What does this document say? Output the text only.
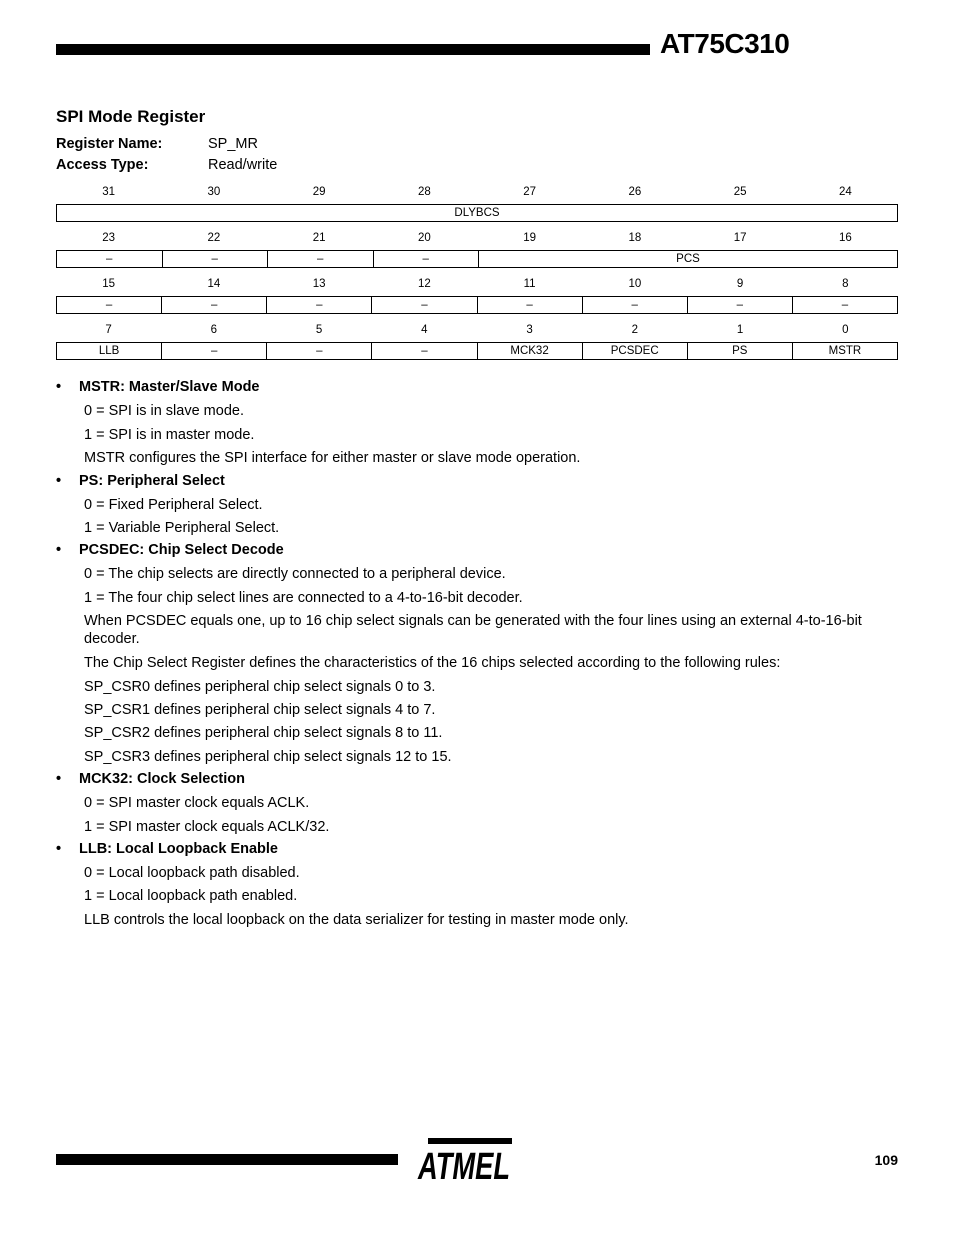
AT75C310
SPI Mode Register
Register Name:	SP_MR
Access Type:	Read/write
31	30	29	28	27	26	25	24
DLYBCS
23	22	21	20	19	18	17	16
–	–	–	–	PCS
15	14	13	12	11	10	9	8
–	–	–	–	–	–	–	–
7	6	5	4	3	2	1	0
LLB	–	–	–	MCK32	PCSDEC	PS	MSTR
• MSTR: Master/Slave Mode
0 = SPI is in slave mode.
1 = SPI is in master mode.
MSTR configures the SPI interface for either master or slave mode operation.
• PS: Peripheral Select
0 = Fixed Peripheral Select.
1 = Variable Peripheral Select.
• PCSDEC: Chip Select Decode
0 = The chip selects are directly connected to a peripheral device.
1 = The four chip select lines are connected to a 4-to-16-bit decoder.
When PCSDEC equals one, up to 16 chip select signals can be generated with the four lines using an external 4-to-16-bit decoder.
The Chip Select Register defines the characteristics of the 16 chips selected according to the following rules:
SP_CSR0 defines peripheral chip select signals 0 to 3.
SP_CSR1 defines peripheral chip select signals 4 to 7.
SP_CSR2 defines peripheral chip select signals 8 to 11.
SP_CSR3 defines peripheral chip select signals 12 to 15.
• MCK32: Clock Selection
0 = SPI master clock equals ACLK.
1 = SPI master clock equals ACLK/32.
• LLB: Local Loopback Enable
0 = Local loopback path disabled.
1 = Local loopback path enabled.
LLB controls the local loopback on the data serializer for testing in master mode only.
ATMEL	109
